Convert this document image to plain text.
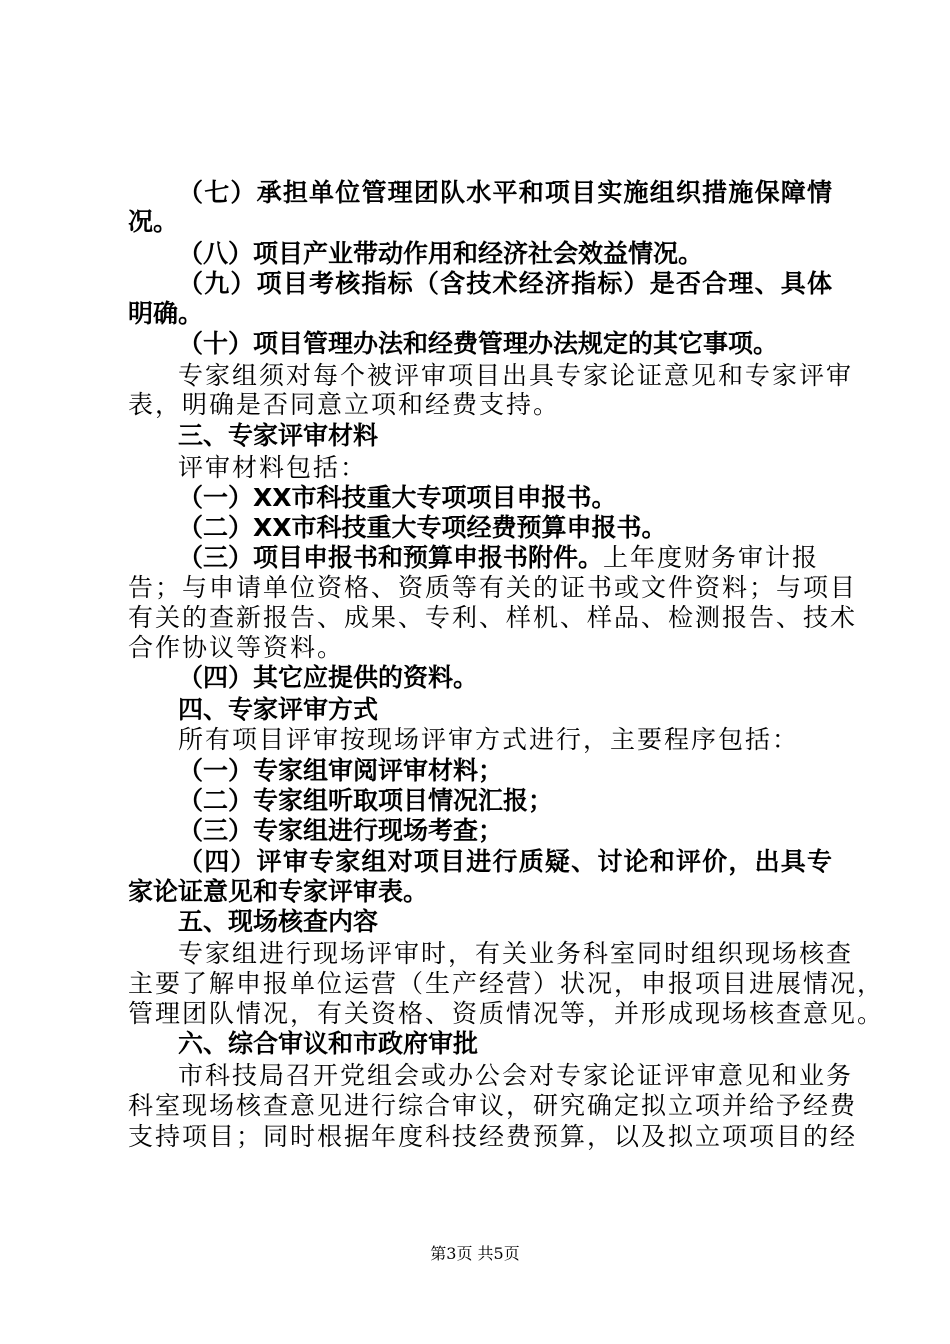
（七）承担单位管理团队水平和项目实施组织措施保障情
况。
（八）项目产业带动作用和经济社会效益情况。
（九）项目考核指标（含技术经济指标）是否合理、具体
明确。
（十）项目管理办法和经费管理办法规定的其它事项。
专家组须对每个被评审项目出具专家论证意见和专家评审
表，明确是否同意立项和经费支持。
三、专家评审材料
评审材料包括：
（一）XX市科技重大专项项目申报书。
（二）XX市科技重大专项经费预算申报书。
（三）项目申报书和预算申报书附件。上年度财务审计报
告；与申请单位资格、资质等有关的证书或文件资料；与项目
有关的查新报告、成果、专利、样机、样品、检测报告、技术
合作协议等资料。
（四）其它应提供的资料。
四、专家评审方式
所有项目评审按现场评审方式进行，主要程序包括：
（一）专家组审阅评审材料；
（二）专家组听取项目情况汇报；
（三）专家组进行现场考查；
（四）评审专家组对项目进行质疑、讨论和评价，出具专
家论证意见和专家评审表。
五、现场核查内容
专家组进行现场评审时，有关业务科室同时组织现场核查
主要了解申报单位运营（生产经营）状况，申报项目进展情况，
管理团队情况，有关资格、资质情况等，并形成现场核查意见。
六、综合审议和市政府审批
市科技局召开党组会或办公会对专家论证评审意见和业务
科室现场核查意见进行综合审议，研究确定拟立项并给予经费
支持项目；同时根据年度科技经费预算，以及拟立项项目的经
第3页 共5页
